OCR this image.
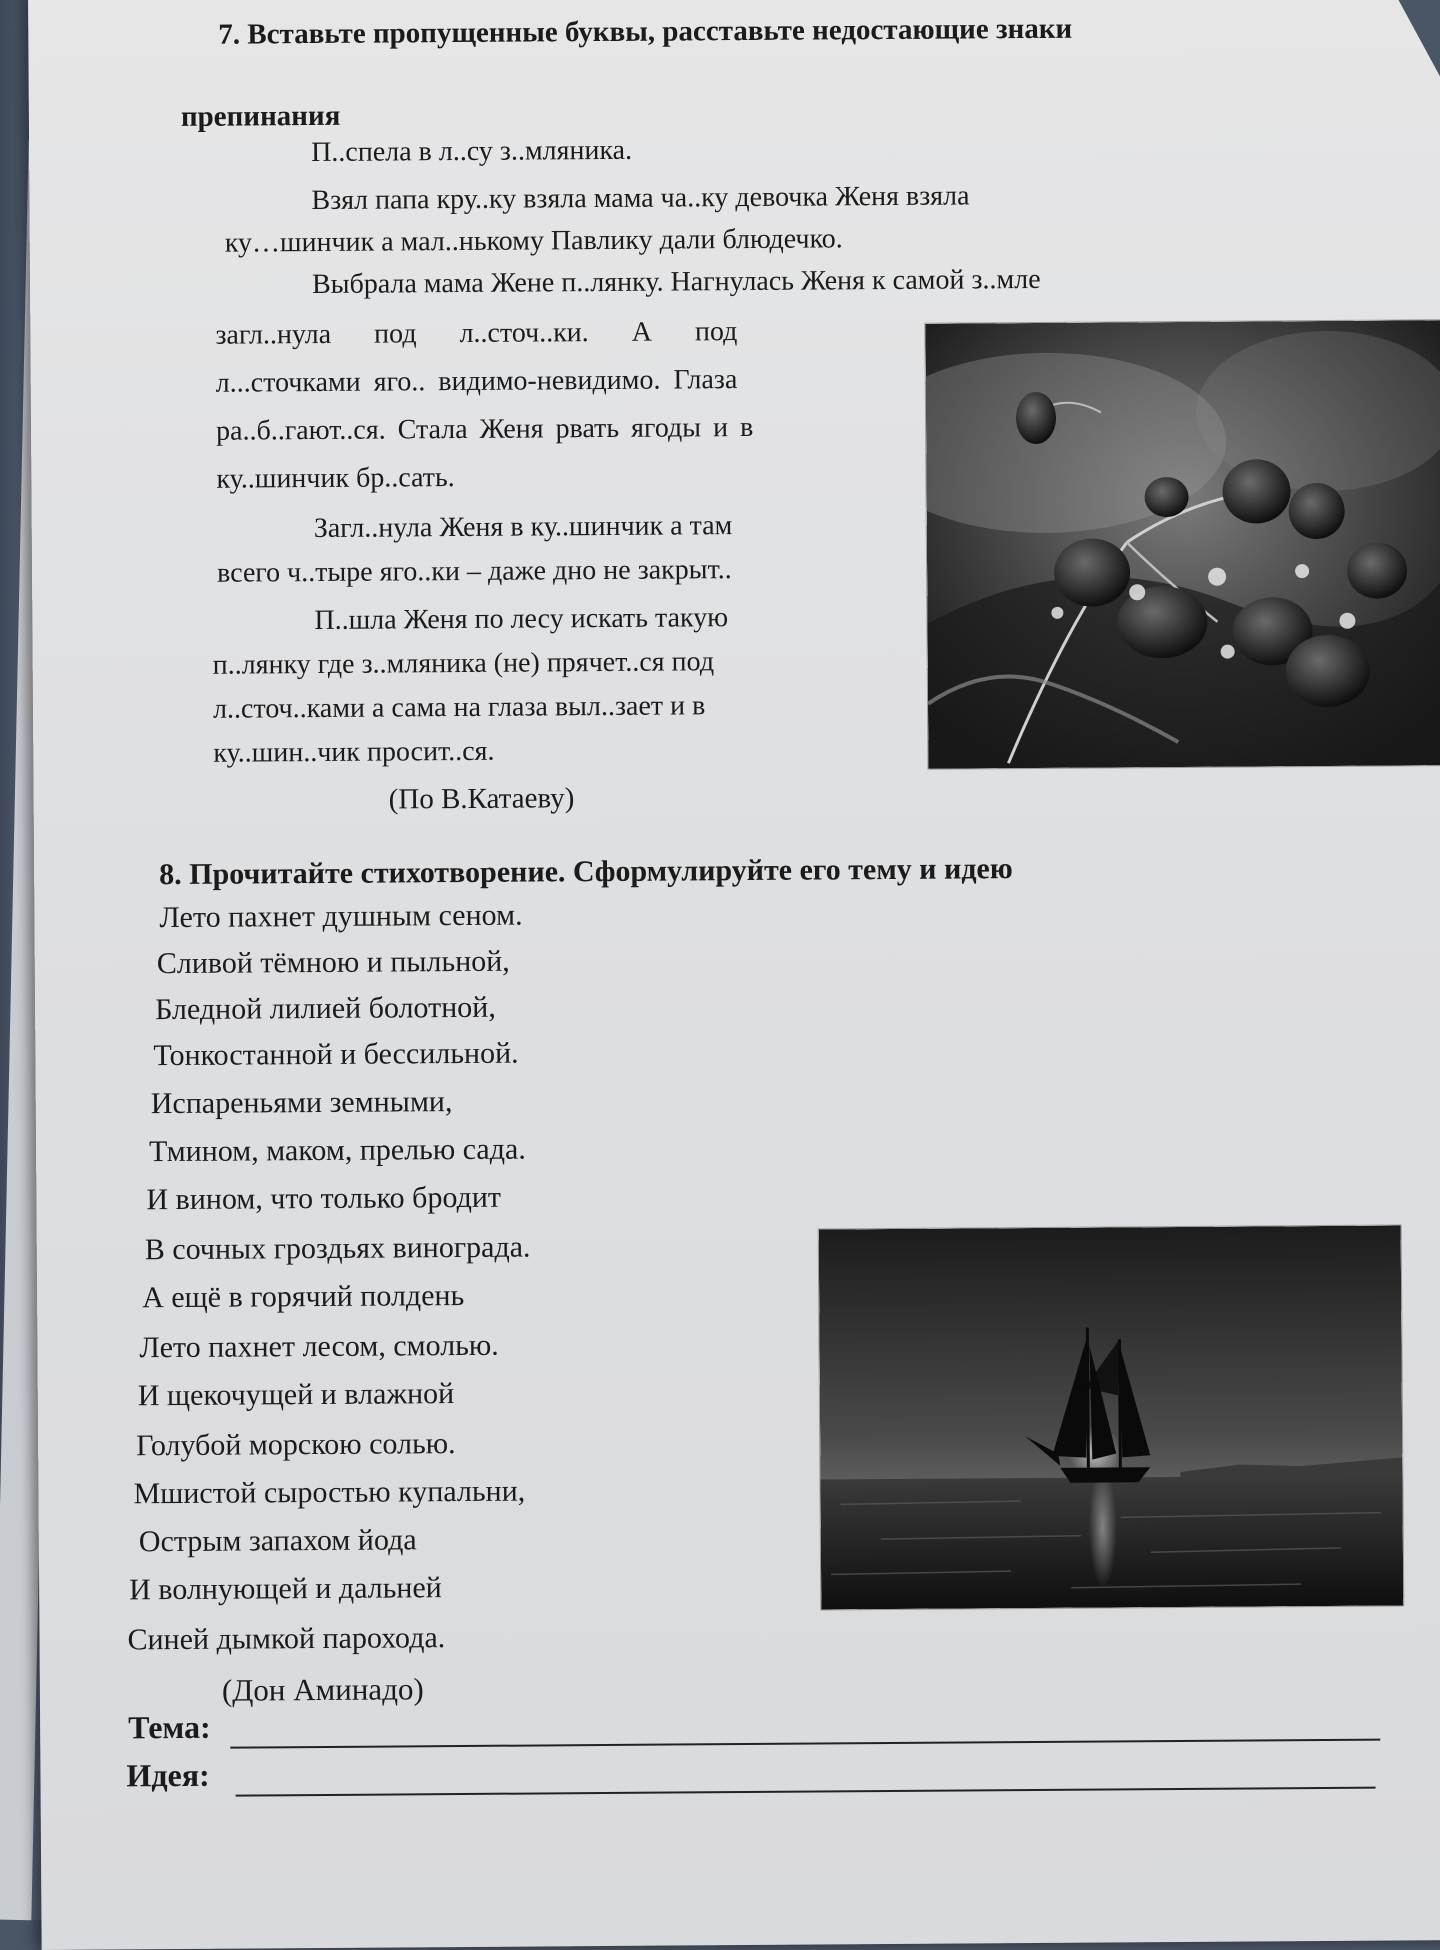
7. Вставьте пропущенные буквы, расставьте недостающие знаки
препинания
П..спела в л..су з..мляника.
Взял папа кру..ку взяла мама ча..ку девочка Женя взяла
ку…шинчик а мал..нькому Павлику дали блюдечко.
Выбрала мама Жене п..лянку. Нагнулась Женя к самой з..мле
загл..нула под л..сточ..ки. А под
л...сточками яго.. видимо-невидимо. Глаза
ра..б..гают..ся. Стала Женя рвать ягоды и в
ку..шинчик бр..сать.
Загл..нула Женя в ку..шинчик а там
всего ч..тыре яго..ки – даже дно не закрыт..
П..шла Женя по лесу искать такую
п..лянку где з..мляника (не) прячет..ся под
л..сточ..ками а сама на глаза выл..зает и в
ку..шин..чик просит..ся.
(По В.Катаеву)
8. Прочитайте стихотворение. Сформулируйте его тему и идею
Лето пахнет душным сеном.
Сливой тёмною и пыльной,
Бледной лилией болотной,
Тонкостанной и бессильной.
Испареньями земными,
Тмином, маком, прелью сада.
И вином, что только бродит
В сочных гроздьях винограда.
А ещё в горячий полдень
Лето пахнет лесом, смолью.
И щекочущей и влажной
Голубой морскою солью.
Мшистой сыростью купальни,
Острым запахом йода
И волнующей и дальней
Синей дымкой парохода.
(Дон Аминадо)
Тема:
Идея:
